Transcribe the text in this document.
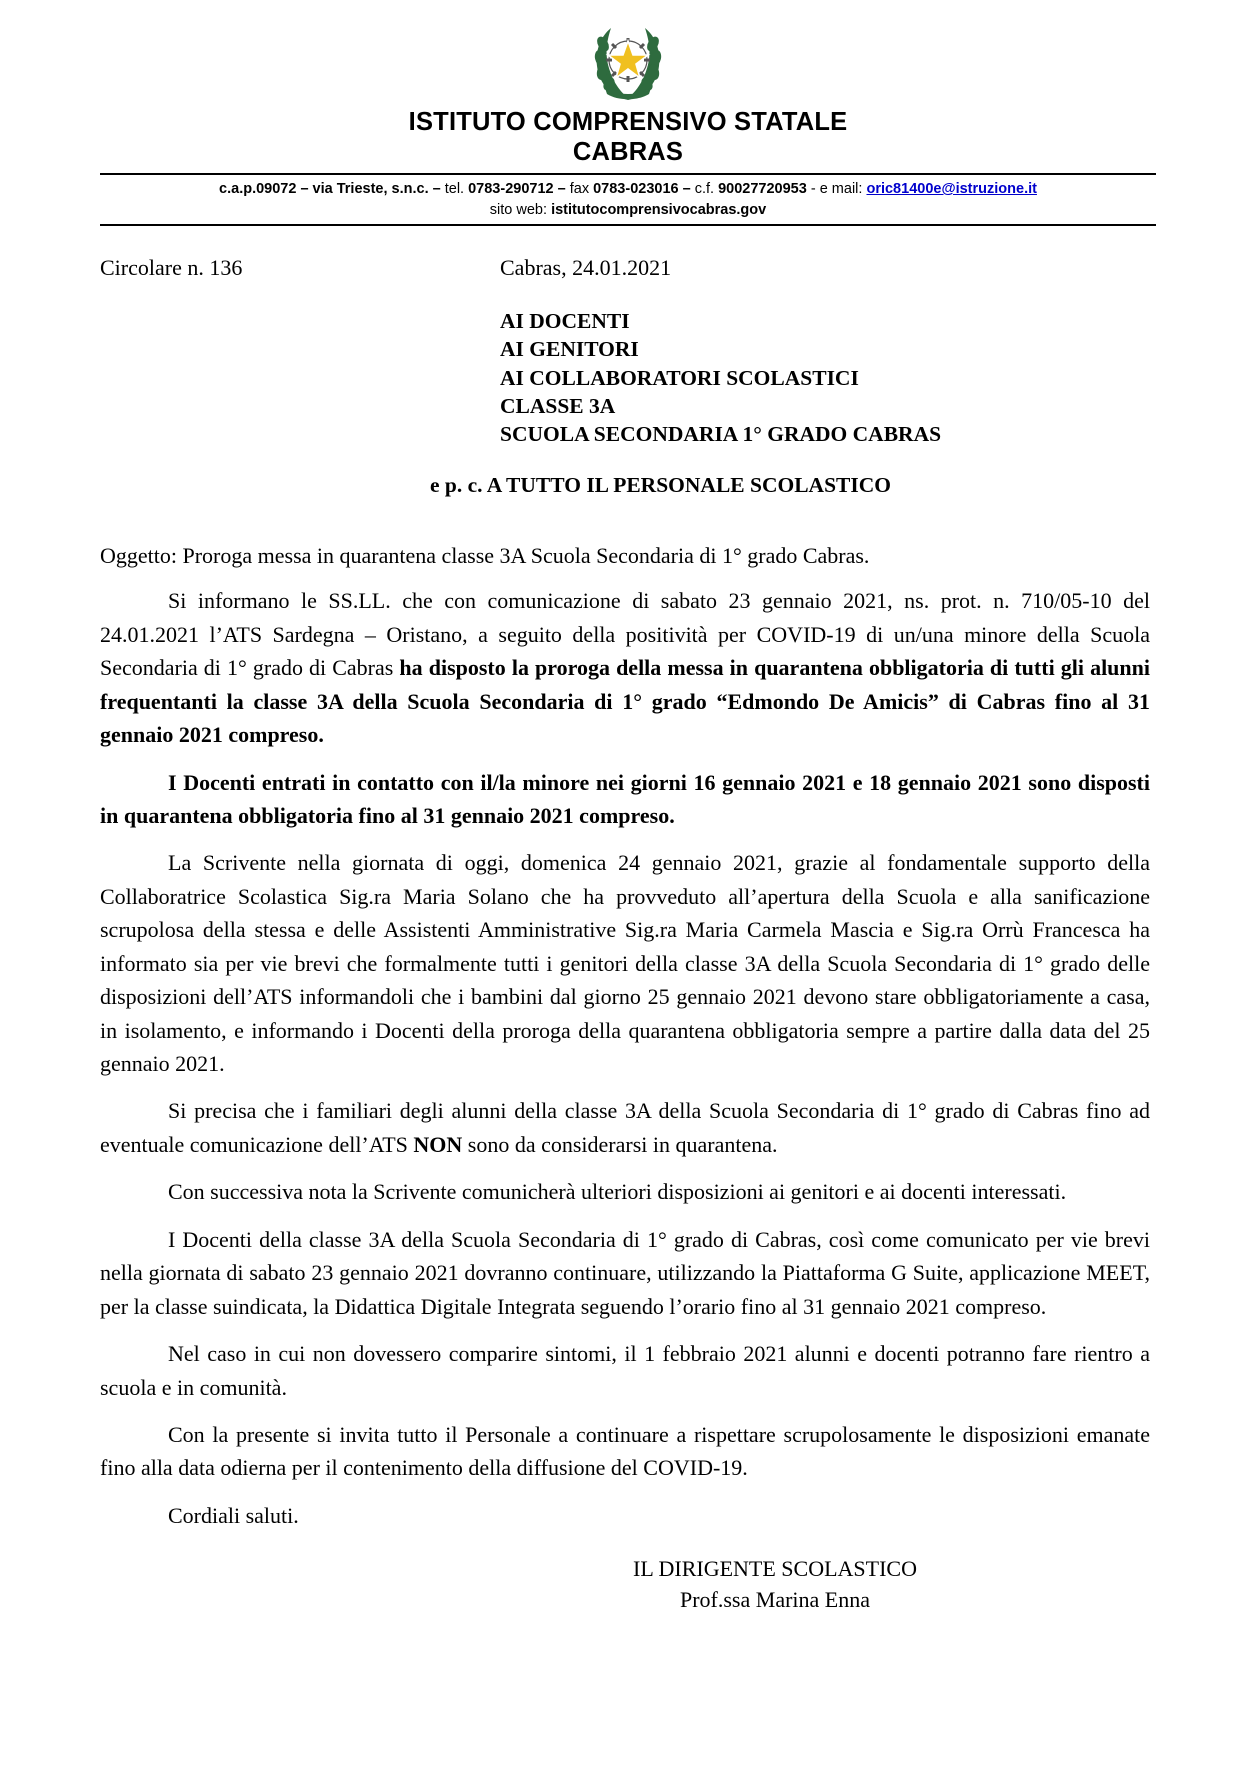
ISTITUTO COMPRENSIVO STATALE
CABRAS
c.a.p.09072 – via Trieste, s.n.c. – tel. 0783-290712 – fax 0783-023016 – c.f. 90027720953 - e mail: oric81400e@istruzione.it
sito web: istitutocomprensivocabras.gov
Circolare n. 136	Cabras, 24.01.2021
AI DOCENTI
AI GENITORI
AI COLLABORATORI SCOLASTICI
CLASSE 3A
SCUOLA SECONDARIA 1° GRADO CABRAS
e p. c. A TUTTO IL PERSONALE SCOLASTICO
Oggetto: Proroga messa in quarantena classe 3A Scuola Secondaria di 1° grado Cabras.
Si informano le SS.LL. che con comunicazione di sabato 23 gennaio 2021, ns. prot. n. 710/05-10 del 24.01.2021 l’ATS Sardegna – Oristano, a seguito della positività per COVID-19 di un/una minore della Scuola Secondaria di 1° grado di Cabras ha disposto la proroga della messa in quarantena obbligatoria di tutti gli alunni frequentanti la classe 3A della Scuola Secondaria di 1° grado “Edmondo De Amicis” di Cabras fino al 31 gennaio 2021 compreso.
I Docenti entrati in contatto con il/la minore nei giorni 16 gennaio 2021 e 18 gennaio 2021 sono disposti in quarantena obbligatoria fino al 31 gennaio 2021 compreso.
La Scrivente nella giornata di oggi, domenica 24 gennaio 2021, grazie al fondamentale supporto della Collaboratrice Scolastica Sig.ra Maria Solano che ha provveduto all’apertura della Scuola e alla sanificazione scrupolosa della stessa e delle Assistenti Amministrative Sig.ra Maria Carmela Mascia e Sig.ra Orrù Francesca ha informato sia per vie brevi che formalmente tutti i genitori della classe 3A della Scuola Secondaria di 1° grado delle disposizioni dell’ATS informandoli che i bambini dal giorno 25 gennaio 2021 devono stare obbligatoriamente a casa, in isolamento, e informando i Docenti della proroga della quarantena obbligatoria sempre a partire dalla data del 25 gennaio 2021.
Si precisa che i familiari degli alunni della classe 3A della Scuola Secondaria di 1° grado di Cabras fino ad eventuale comunicazione dell’ATS NON sono da considerarsi in quarantena.
Con successiva nota la Scrivente comunicherà ulteriori disposizioni ai genitori e ai docenti interessati.
I Docenti della classe 3A della Scuola Secondaria di 1° grado di Cabras, così come comunicato per vie brevi nella giornata di sabato 23 gennaio 2021 dovranno continuare, utilizzando la Piattaforma G Suite, applicazione MEET, per la classe suindicata, la Didattica Digitale Integrata seguendo l’orario fino al 31 gennaio 2021 compreso.
Nel caso in cui non dovessero comparire sintomi, il 1 febbraio 2021 alunni e docenti potranno fare rientro a scuola e in comunità.
Con la presente si invita tutto il Personale a continuare a rispettare scrupolosamente le disposizioni emanate fino alla data odierna per il contenimento della diffusione del COVID-19.
Cordiali saluti.
IL DIRIGENTE SCOLASTICO
Prof.ssa Marina Enna
